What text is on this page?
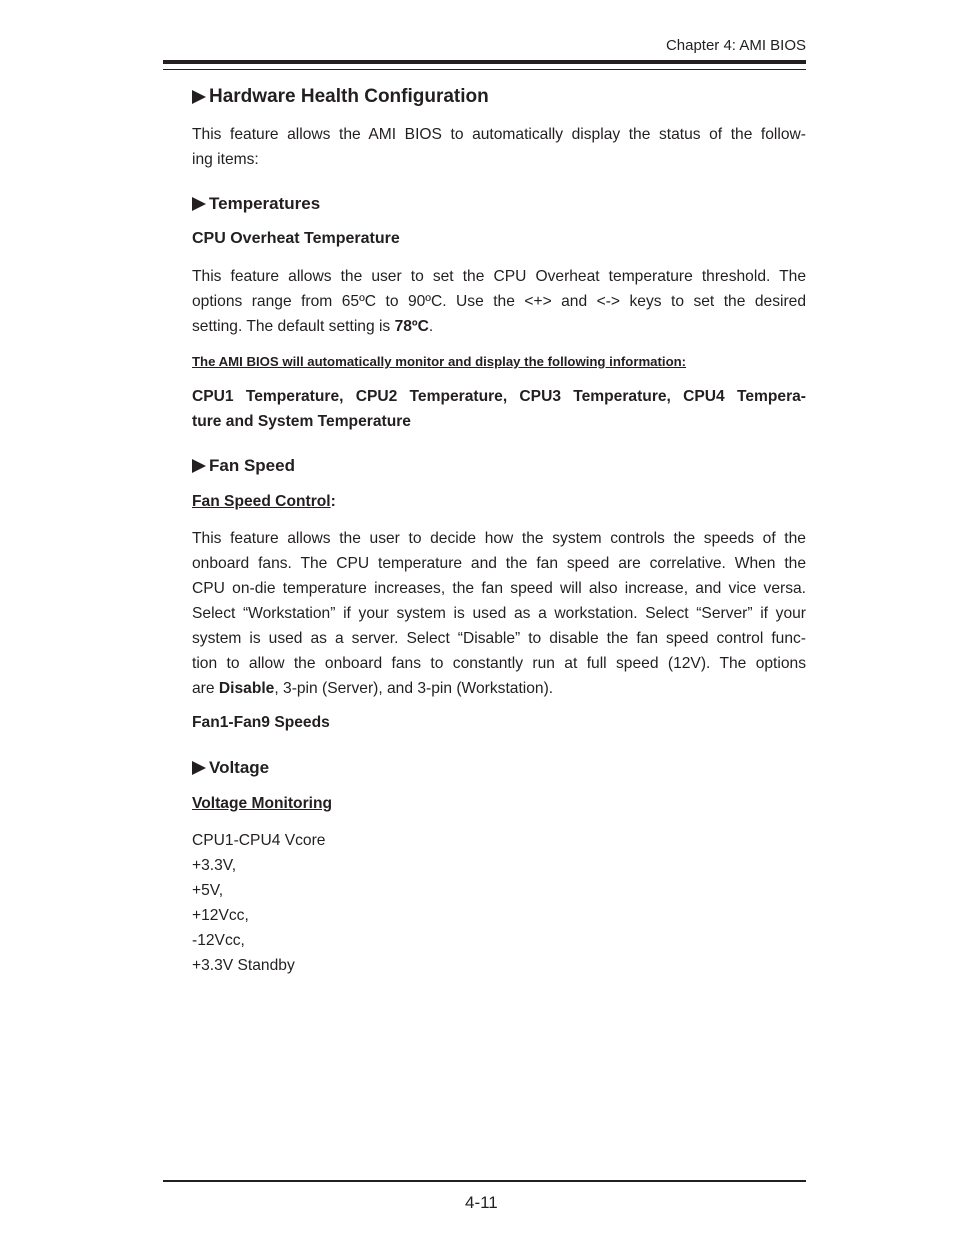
Chapter 4: AMI BIOS
Hardware Health Configuration
This feature allows the AMI BIOS to automatically display the status of the follow-
ing items:
Temperatures
CPU Overheat Temperature
This feature allows the user to set the CPU Overheat temperature threshold. The
options range from 65ºC to 90ºC. Use the <+> and <-> keys to set the desired
setting. The default setting is 78ºC.
The AMI BIOS will automatically monitor and display the following information:
CPU1 Temperature, CPU2 Temperature, CPU3 Temperature, CPU4 Tempera-
ture and System Temperature
Fan Speed
Fan Speed Control:
This feature allows the user to decide how the system controls the speeds of the
onboard fans. The CPU temperature and the fan speed are correlative. When the
CPU on-die temperature increases, the fan speed will also increase, and vice versa.
Select “Workstation” if your system is used as a workstation. Select “Server” if your
system is used as a server. Select “Disable” to disable the fan speed control func-
tion to allow the onboard fans to constantly run at full speed (12V). The options
are Disable, 3-pin (Server), and 3-pin (Workstation).
Fan1-Fan9 Speeds
Voltage
Voltage Monitoring
CPU1-CPU4 Vcore
+3.3V,
+5V,
+12Vcc,
-12Vcc,
+3.3V Standby
4-11
